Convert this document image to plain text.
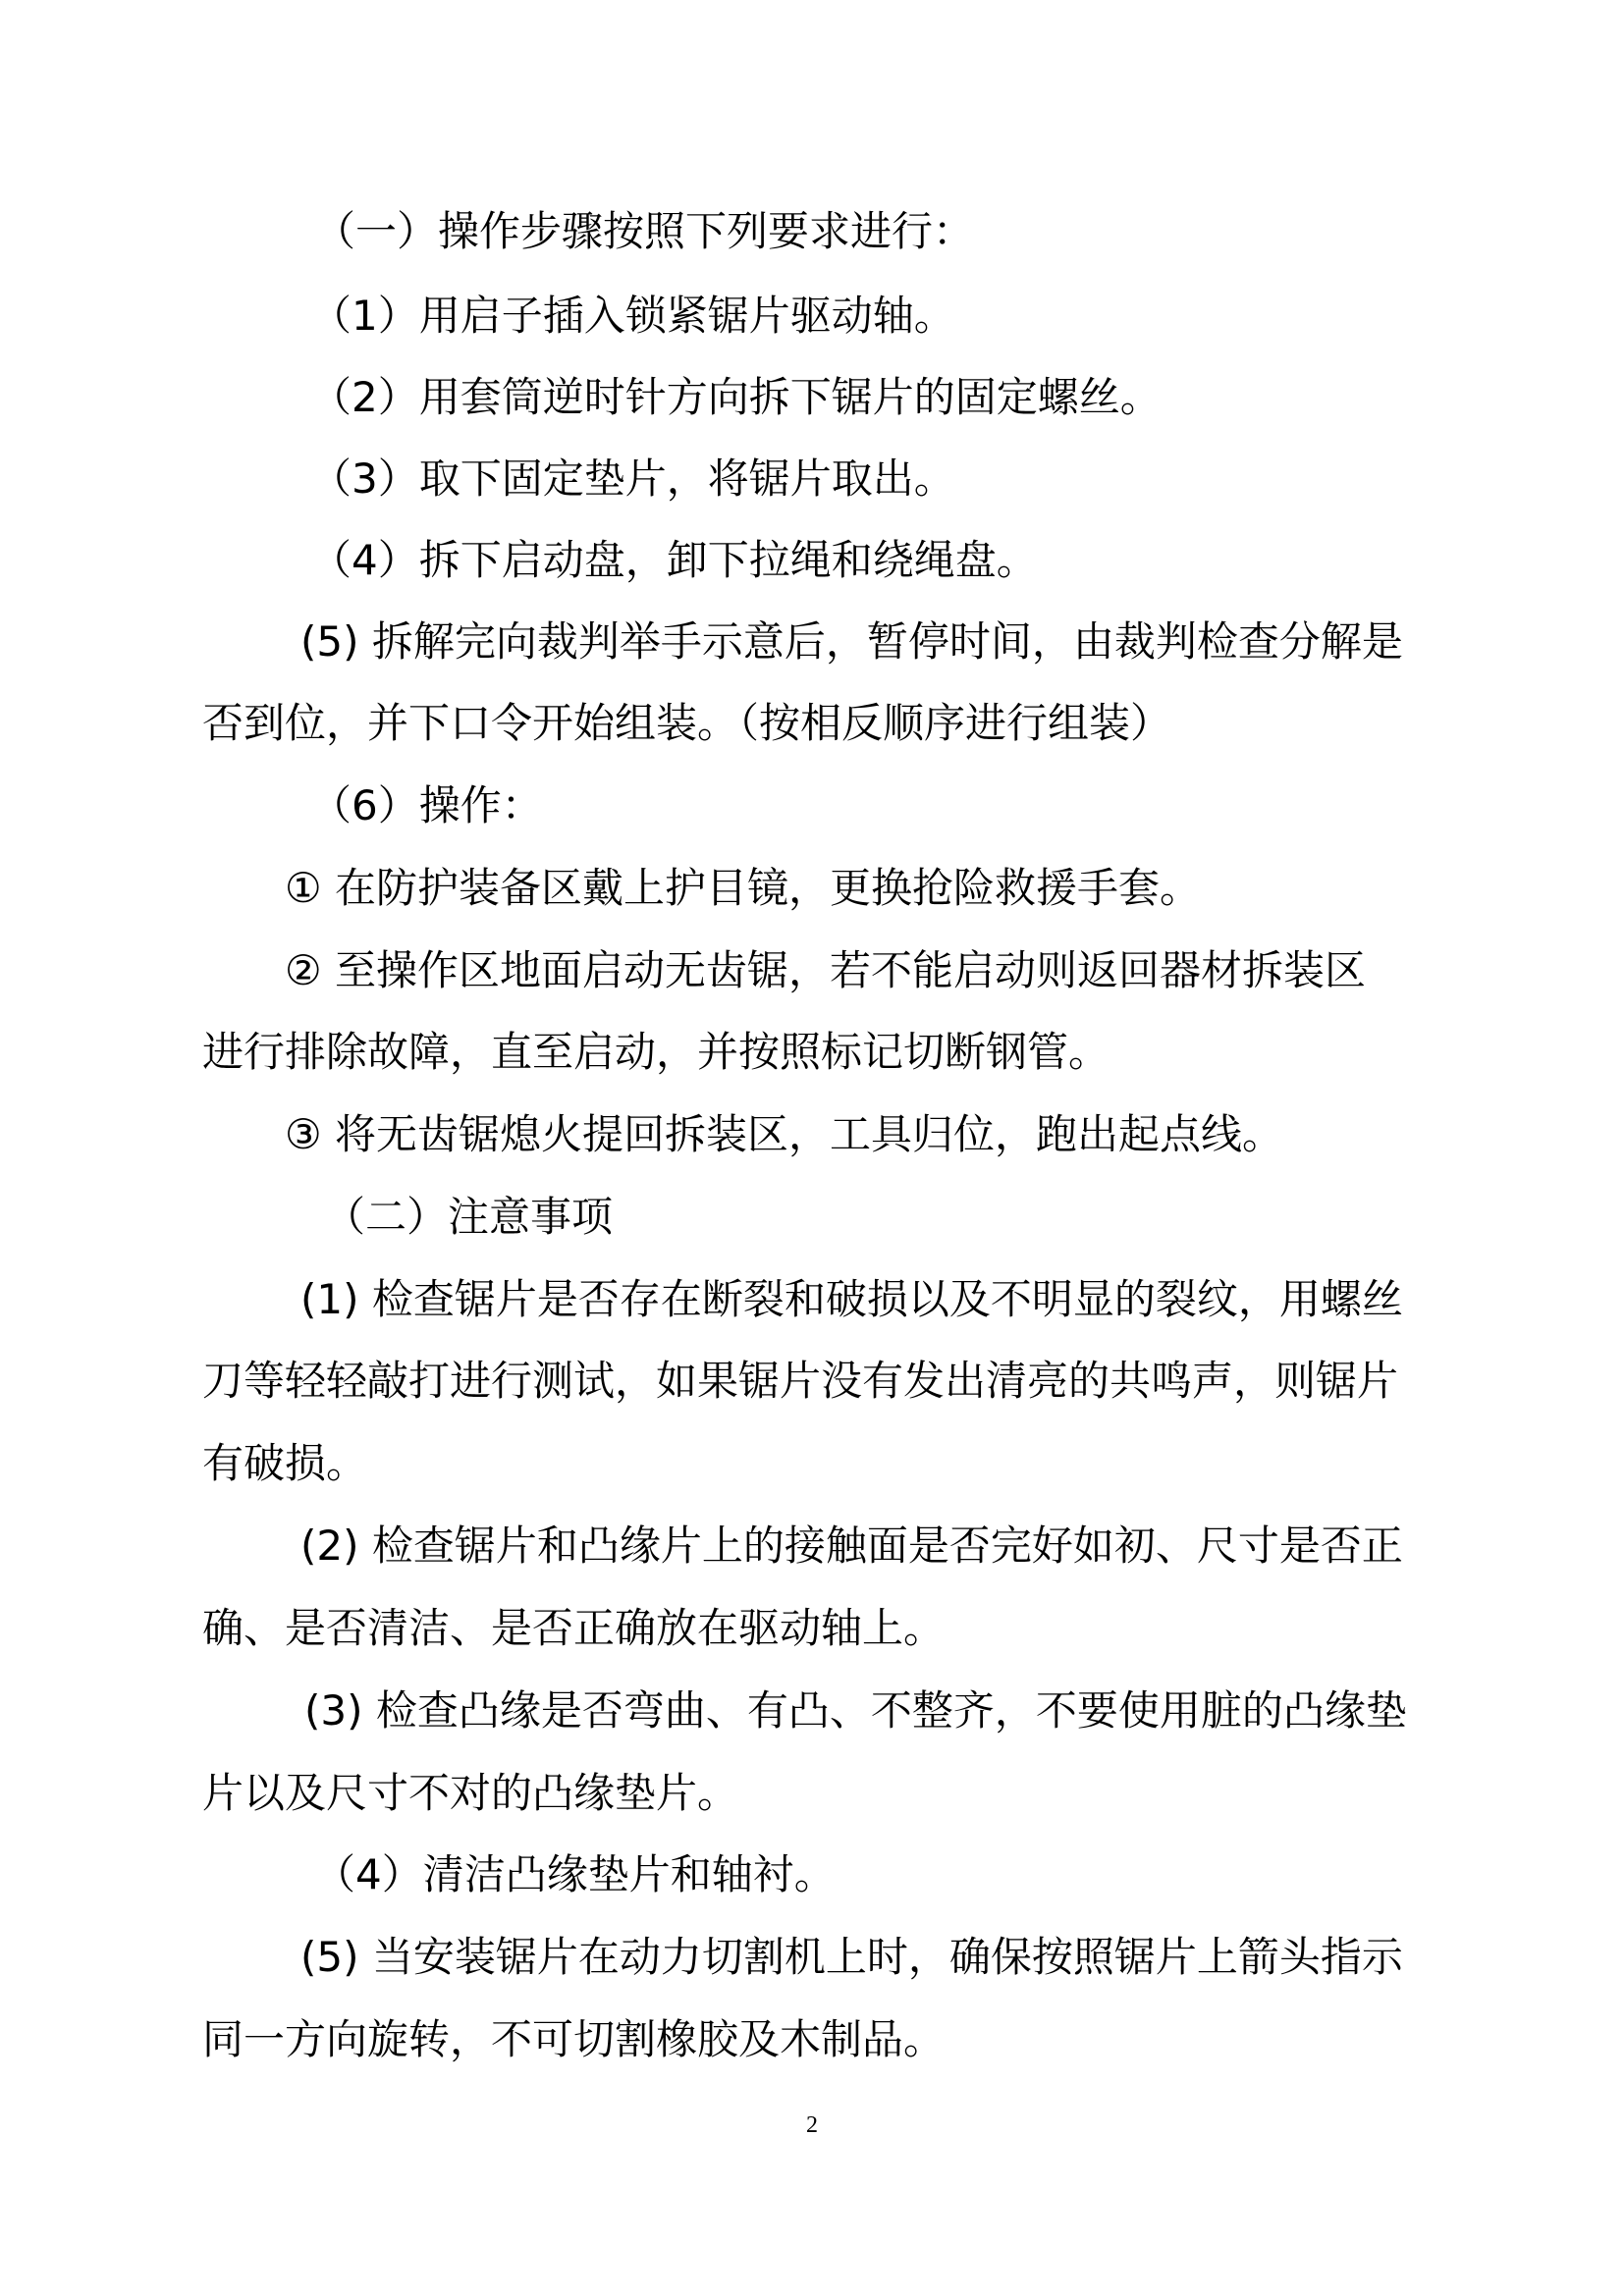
（一）操作步骤按照下列要求进行：
（1）用启子插入锁紧锯片驱动轴。
（2）用套筒逆时针方向拆下锯片的固定螺丝。
（3）取下固定垫片，将锯片取出。
（4）拆下启动盘，卸下拉绳和绕绳盘。
(5) 拆解完向裁判举手示意后，暂停时间，由裁判检查分解是
否到位，并下口令开始组装。（按相反顺序进行组装）
（6）操作：
① 在防护装备区戴上护目镜，更换抢险救援手套。
② 至操作区地面启动无齿锯，若不能启动则返回器材拆装区
进行排除故障，直至启动，并按照标记切断钢管。
③ 将无齿锯熄火提回拆装区，工具归位，跑出起点线。
（二）注意事项
(1) 检查锯片是否存在断裂和破损以及不明显的裂纹，用螺丝
刀等轻轻敲打进行测试，如果锯片没有发出清亮的共鸣声，则锯片
有破损。
(2) 检查锯片和凸缘片上的接触面是否完好如初、尺寸是否正
确、是否清洁、是否正确放在驱动轴上。
(3) 检查凸缘是否弯曲、有凸、不整齐，不要使用脏的凸缘垫
片以及尺寸不对的凸缘垫片。
（4）清洁凸缘垫片和轴衬。
(5) 当安装锯片在动力切割机上时，确保按照锯片上箭头指示
同一方向旋转，不可切割橡胶及木制品。
2
